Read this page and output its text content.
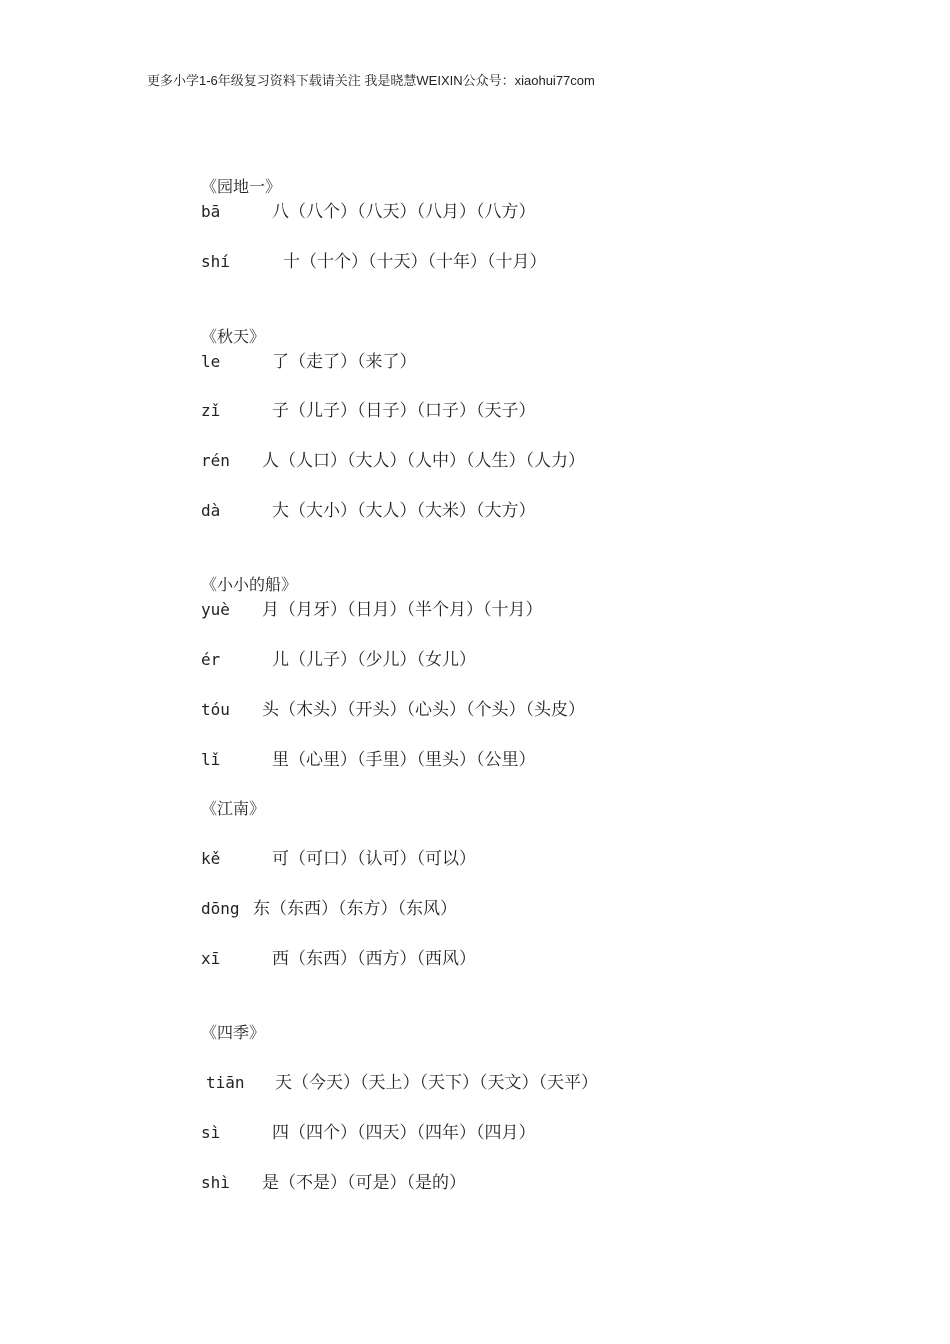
更多小学1-6年级复习资料下载请关注 我是晓慧WEIXIN公众号：xiaohui77com
《园地一》
bā	八（八个）（八天）（八月）（八方）
shí	十（十个）（十天）（十年）（十月）
《秋天》
le	了（走了）（来了）
zǐ	子（儿子）（日子）（口子）（天子）
rén 人（人口）（大人）（人中）（人生）（人力）
dà	大（大小）（大人）（大米）（大方）
《小小的船》
yuè 月（月牙）（日月）（半个月）（十月）
ér	儿（儿子）（少儿）（女儿）
tóu 头（木头）（开头）（心头）（个头）（头皮）
lǐ	里（心里）（手里）（里头）（公里）
《江南》
kě	可（可口）（认可）（可以）
dōng 东（东西）（东方）（东风）
xī	西（东西）（西方）（西风）
《四季》
tiān 天（今天）（天上）（天下）（天文）（天平）
sì	四（四个）（四天）（四年）（四月）
shì 是（不是）（可是）（是的）
